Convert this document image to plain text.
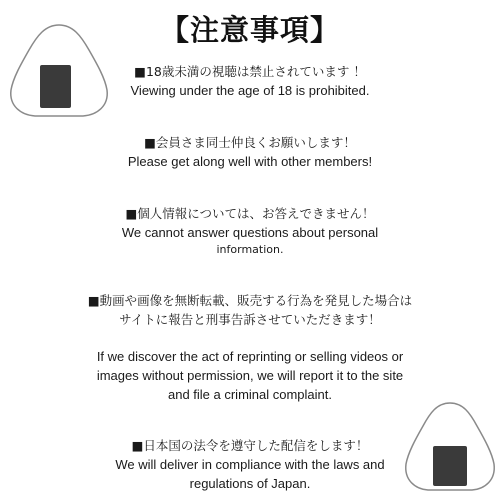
【注意事項】
■18歳未満の視聴は禁止されています ！
Viewing under the age of 18 is prohibited.
■会員さま同士仲良くお願いします！
Please get along well with other members!
■個人情報については、お答えできません！
We cannot answer questions about personal
information.
■動画や画像を無断転載、販売する行為を発見した場合は
サイトに報告と刑事告訴させていただきます！
If we discover the act of reprinting or selling videos or
images without permission, we will report it to the site
and file a criminal complaint.
■日本国の法令を遵守した配信をします！
We will deliver in compliance with the laws and
regulations of Japan.
